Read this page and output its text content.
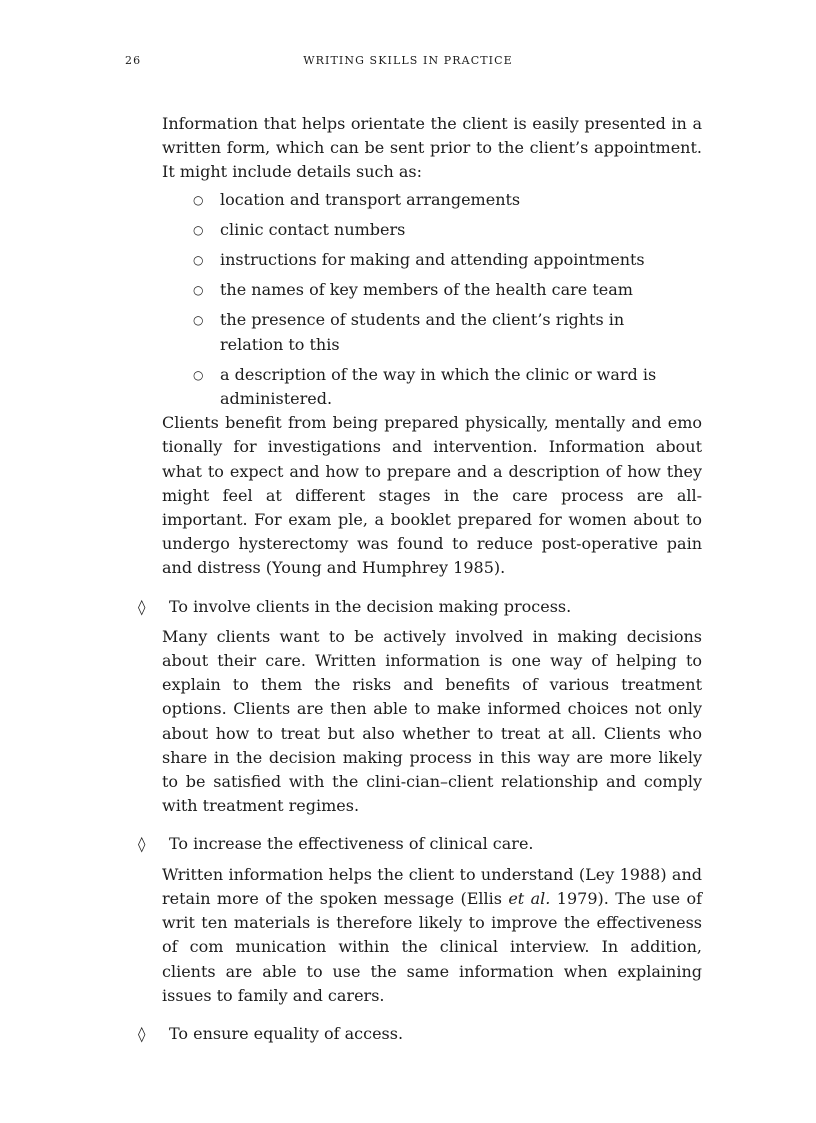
26	WRITING SKILLS IN PRACTICE

Information that helps orientate the client is easily presented in a written form, which can be sent prior to the client’s appointment. It might include details such as:

○ location and transport arrangements
○ clinic contact numbers
○ instructions for making and attending appointments
○ the names of key members of the health care team
○ the presence of students and the client’s rights in relation to this
○ a description of the way in which the clinic or ward is administered.

Clients benefit from being prepared physically, mentally and emo tionally for investigations and intervention. Information about what to expect and how to prepare and a description of how they might feel at different stages in the care process are all-important. For exam ple, a booklet prepared for women about to undergo hysterectomy was found to reduce post-operative pain and distress (Young and Humphrey 1985).

◊ To involve clients in the decision making process.

Many clients want to be actively involved in making decisions about their care. Written information is one way of helping to explain to them the risks and benefits of various treatment options. Clients are then able to make informed choices not only about how to treat but also whether to treat at all. Clients who share in the decision making process in this way are more likely to be satisfied with the clini-cian–client relationship and comply with treatment regimes.

◊ To increase the effectiveness of clinical care.

Written information helps the client to understand (Ley 1988) and retain more of the spoken message (Ellis et al. 1979). The use of writ ten materials is therefore likely to improve the effectiveness of com munication within the clinical interview. In addition, clients are able to use the same information when explaining issues to family and carers.

◊ To ensure equality of access.
